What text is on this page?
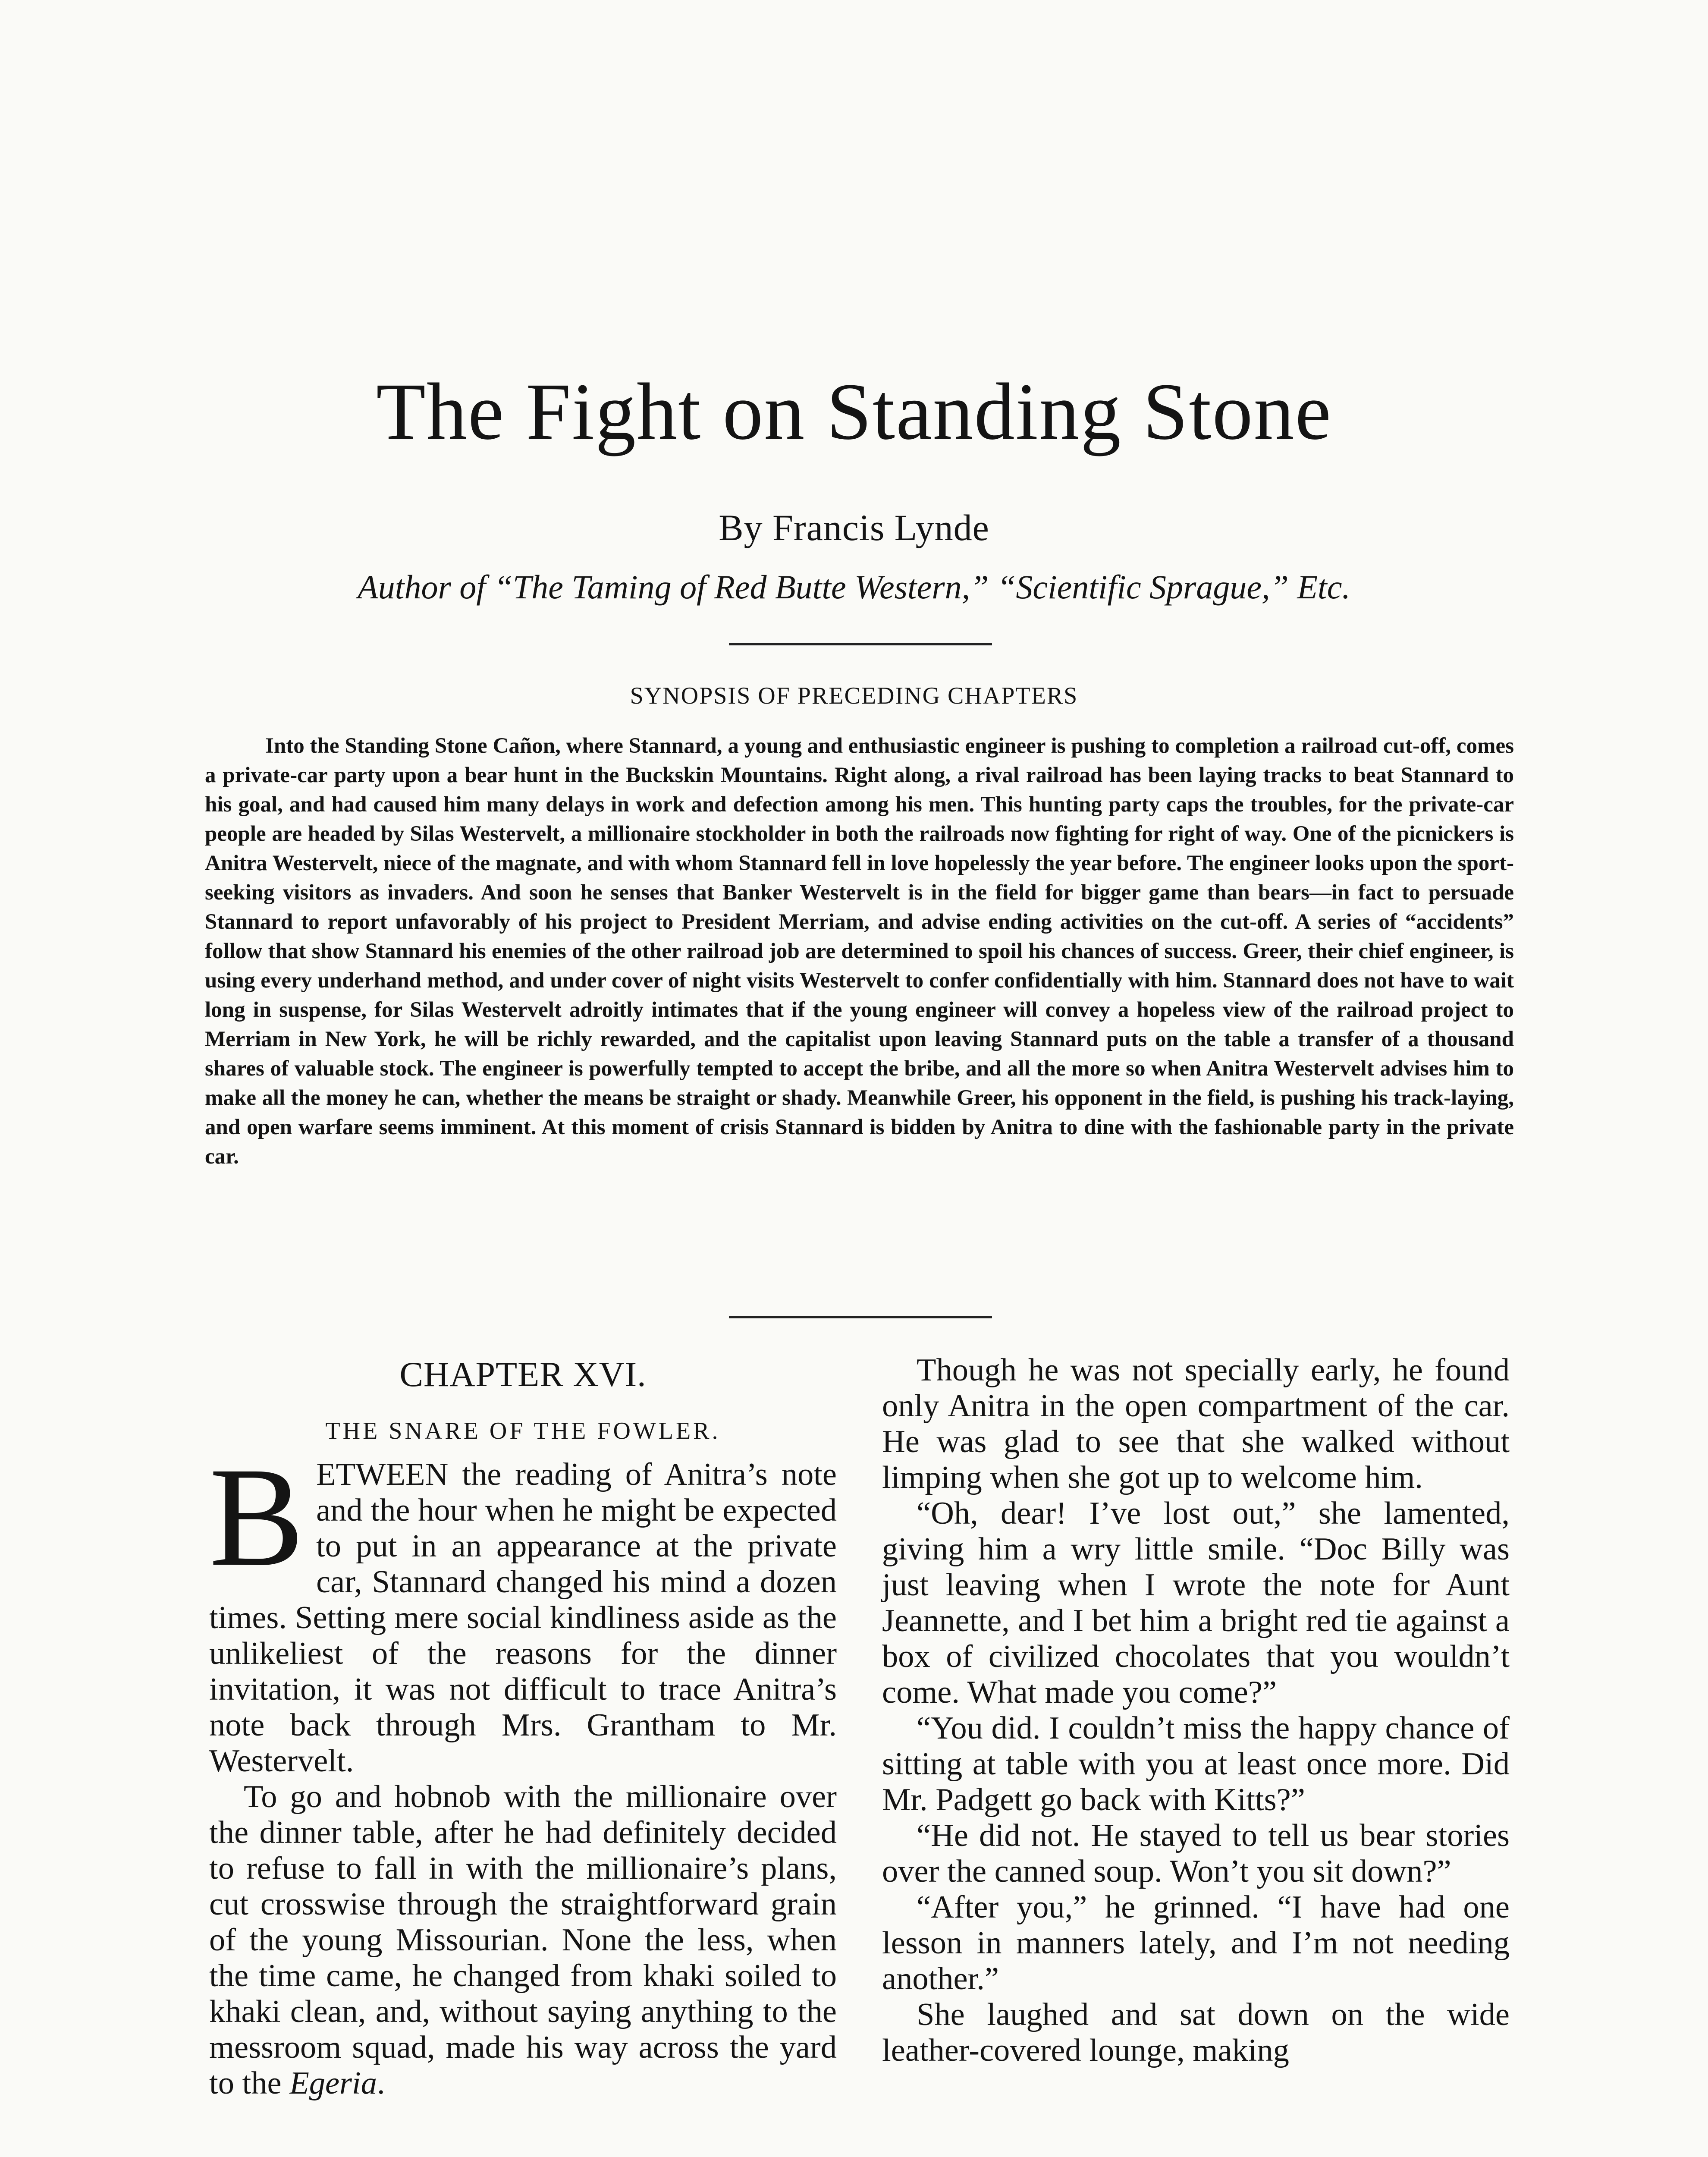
The Fight on Standing Stone
By Francis Lynde
Author of “The Taming of Red Butte Western,” “Scientific Sprague,” Etc.
SYNOPSIS OF PRECEDING CHAPTERS

Into the Standing Stone Cañon, where Stannard, a young and enthusiastic engineer is pushing to completion a railroad cut-off, comes a private-car party upon a bear hunt in the Buckskin Mountains. Right along, a rival railroad has been laying tracks to beat Stannard to his goal, and had caused him many delays in work and defection among his men. This hunting party caps the troubles, for the private-car people are headed by Silas Westervelt, a millionaire stockholder in both the railroads now fighting for right of way. One of the picnickers is Anitra Westervelt, niece of the magnate, and with whom Stannard fell in love hopelessly the year before. The engineer looks upon the sport-seeking visitors as invaders. And soon he senses that Banker Westervelt is in the field for bigger game than bears—in fact to persuade Stannard to report unfavorably of his project to President Merriam, and advise ending activities on the cut-off. A series of “accidents” follow that show Stannard his enemies of the other railroad job are determined to spoil his chances of success. Greer, their chief engineer, is using every underhand method, and under cover of night visits Westervelt to confer confidentially with him. Stannard does not have to wait long in suspense, for Silas Westervelt adroitly intimates that if the young engineer will convey a hopeless view of the railroad project to Merriam in New York, he will be richly rewarded, and the capitalist upon leaving Stannard puts on the table a transfer of a thousand shares of valuable stock. The engineer is powerfully tempted to accept the bribe, and all the more so when Anitra Westervelt advises him to make all the money he can, whether the means be straight or shady. Meanwhile Greer, his opponent in the field, is pushing his track-laying, and open warfare seems imminent. At this moment of crisis Stannard is bidden by Anitra to dine with the fashionable party in the private car.

CHAPTER XVI.
THE SNARE OF THE FOWLER.

BETWEEN the reading of Anitra’s note and the hour when he might be expected to put in an appearance at the private car, Stannard changed his mind a dozen times. Setting mere social kindliness aside as the unlikeliest of the reasons for the dinner invitation, it was not difficult to trace Anitra’s note back through Mrs. Grantham to Mr. Westervelt.

To go and hobnob with the millionaire over the dinner table, after he had definitely decided to refuse to fall in with the millionaire’s plans, cut crosswise through the straightforward grain of the young Missourian. None the less, when the time came, he changed from khaki soiled to khaki clean, and, without saying anything to the messroom squad, made his way across the yard to the Egeria.

Though he was not specially early, he found only Anitra in the open compartment of the car. He was glad to see that she walked without limping when she got up to welcome him.

“Oh, dear! I’ve lost out,” she lamented, giving him a wry little smile. “Doc Billy was just leaving when I wrote the note for Aunt Jeannette, and I bet him a bright red tie against a box of civilized chocolates that you wouldn’t come. What made you come?”

“You did. I couldn’t miss the happy chance of sitting at table with you at least once more. Did Mr. Padgett go back with Kitts?”

“He did not. He stayed to tell us bear stories over the canned soup. Won’t you sit down?”

“After you,” he grinned. “I have had one lesson in manners lately, and I’m not needing another.”

She laughed and sat down on the wide leather-covered lounge, making
